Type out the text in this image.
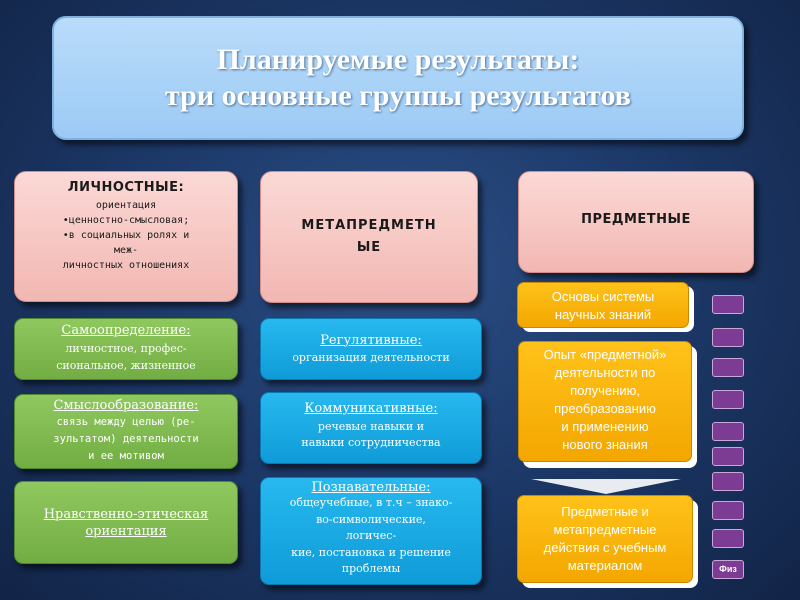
Планируемые результаты:
три основные группы результатов
ЛИЧНОСТНЫЕ:
ориентация
•ценностно-смысловая;
•в социальных ролях и
меж-
личностных отношениях
МЕТАПРЕДМЕТН
ЫЕ
ПРЕДМЕТНЫЕ
Самоопределение:
личностное, профес-
сиональное, жизненное
Смыслообразование:
связь между целью (ре-
зультатом) деятельности
и ее мотивом
Нравственно-этическая
ориентация
Регулятивные:
организация деятельности
Коммуникативные:
речевые навыки и
навыки сотрудничества
Познавательные:
общеучебные, в т.ч – знако-
во-символические,
логичес-
кие, постановка и решение
проблемы
Основы системы
научных знаний
Опыт «предметной»
деятельности по
получению,
преобразованию
и применению
нового знания
Предметные и
метапредметные
действия с учебным
материалом	Физ
